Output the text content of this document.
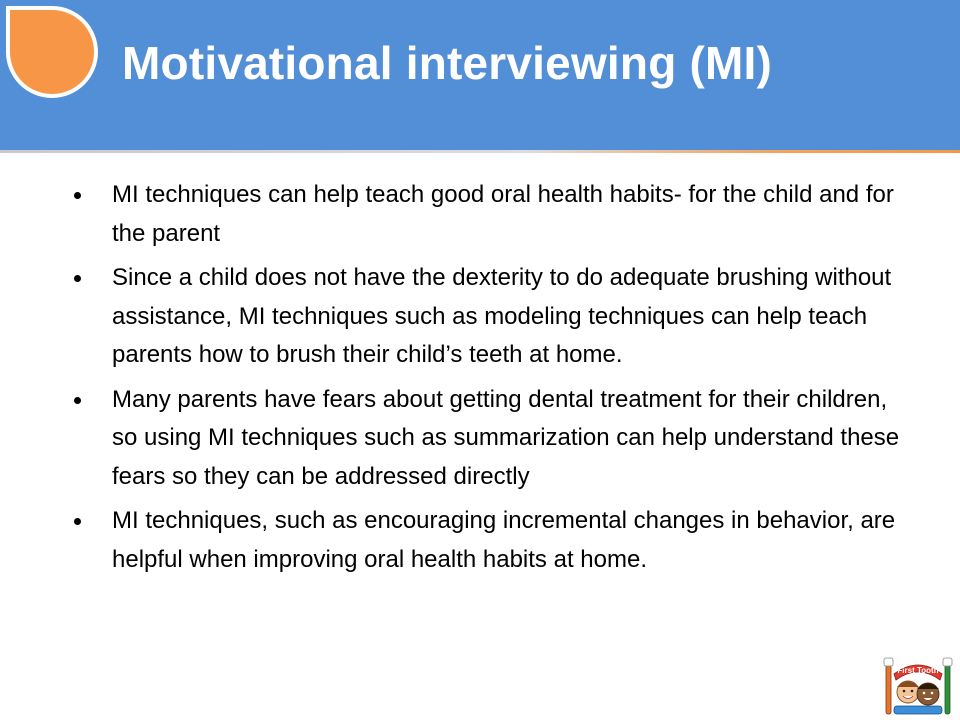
Motivational interviewing (MI)
MI techniques can help teach good oral health habits- for the child and for the parent
Since a child does not have the dexterity to do adequate brushing without assistance, MI techniques such as modeling techniques can help teach parents how to brush their child’s teeth at home.
Many parents have fears about getting dental treatment for their children, so using MI techniques such as summarization can help understand these fears so they can be addressed directly
MI techniques, such as encouraging incremental changes in behavior, are helpful when improving oral health habits at home.
First Tooth
